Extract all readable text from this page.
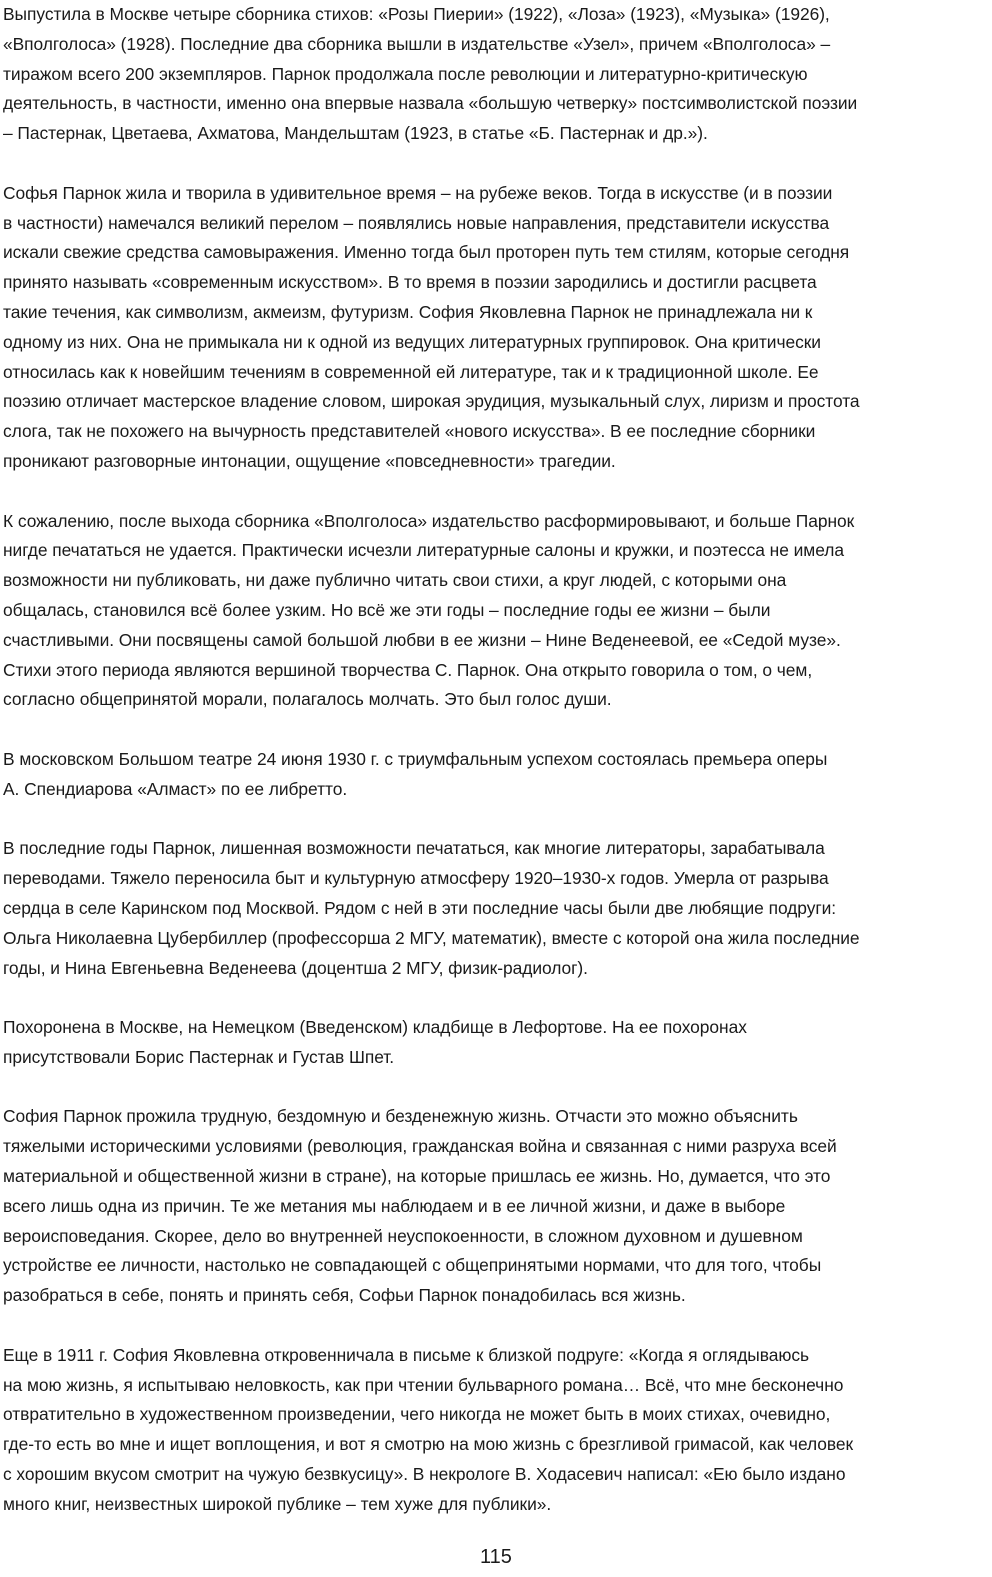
Выпустила в Москве четыре сборника стихов: «Розы Пиерии» (1922), «Лоза» (1923), «Музыка» (1926),
«Вполголоса» (1928). Последние два сборника вышли в издательстве «Узел», причем «Вполголоса» –
тиражом всего 200 экземпляров. Парнок продолжала после революции и литературно-критическую
деятельность, в частности, именно она впервые назвала «большую четверку» постсимволистской поэзии
– Пастернак, Цветаева, Ахматова, Мандельштам (1923, в статье «Б. Пастернак и др.»).

Софья Парнок жила и творила в удивительное время – на рубеже веков. Тогда в искусстве (и в поэзии
в частности) намечался великий перелом – появлялись новые направления, представители искусства
искали свежие средства самовыражения. Именно тогда был проторен путь тем стилям, которые сегодня
принято называть «современным искусством». В то время в поэзии зародились и достигли расцвета
такие течения, как символизм, акмеизм, футуризм. София Яковлевна Парнок не принадлежала ни к
одному из них. Она не примыкала ни к одной из ведущих литературных группировок. Она критически
относилась как к новейшим течениям в современной ей литературе, так и к традиционной школе. Ее
поэзию отличает мастерское владение словом, широкая эрудиция, музыкальный слух, лиризм и простота
слога, так не похожего на вычурность представителей «нового искусства». В ее последние сборники
проникают разговорные интонации, ощущение «повседневности» трагедии.

К сожалению, после выхода сборника «Вполголоса» издательство расформировывают, и больше Парнок
нигде печататься не удается. Практически исчезли литературные салоны и кружки, и поэтесса не имела
возможности ни публиковать, ни даже публично читать свои стихи, а круг людей, с которыми она
общалась, становился всё более узким. Но всё же эти годы – последние годы ее жизни – были
счастливыми. Они посвящены самой большой любви в ее жизни – Нине Веденеевой, ее «Седой музе».
Стихи этого периода являются вершиной творчества С. Парнок. Она открыто говорила о том, о чем,
согласно общепринятой морали, полагалось молчать. Это был голос души.

В московском Большом театре 24 июня 1930 г. с триумфальным успехом состоялась премьера оперы
А. Спендиарова «Алмаст» по ее либретто.

В последние годы Парнок, лишенная возможности печататься, как многие литераторы, зарабатывала
переводами. Тяжело переносила быт и культурную атмосферу 1920–1930-х годов. Умерла от разрыва
сердца в селе Каринском под Москвой. Рядом с ней в эти последние часы были две любящие подруги:
Ольга Николаевна Цубербиллер (профессорша 2 МГУ, математик), вместе с которой она жила последние
годы, и Нина Евгеньевна Веденеева (доцентша 2 МГУ, физик-радиолог).

Похоронена в Москве, на Немецком (Введенском) кладбище в Лефортове. На ее похоронах
присутствовали Борис Пастернак и Густав Шпет.

София Парнок прожила трудную, бездомную и безденежную жизнь. Отчасти это можно объяснить
тяжелыми историческими условиями (революция, гражданская война и связанная с ними разруха всей
материальной и общественной жизни в стране), на которые пришлась ее жизнь. Но, думается, что это
всего лишь одна из причин. Те же метания мы наблюдаем и в ее личной жизни, и даже в выборе
вероисповедания. Скорее, дело во внутренней неуспокоенности, в сложном духовном и душевном
устройстве ее личности, настолько не совпадающей с общепринятыми нормами, что для того, чтобы
разобраться в себе, понять и принять себя, Софьи Парнок понадобилась вся жизнь.

Еще в 1911 г. София Яковлевна откровенничала в письме к близкой подруге: «Когда я оглядываюсь
на мою жизнь, я испытываю неловкость, как при чтении бульварного романа… Всё, что мне бесконечно
отвратительно в художественном произведении, чего никогда не может быть в моих стихах, очевидно,
где-то есть во мне и ищет воплощения, и вот я смотрю на мою жизнь с брезгливой гримасой, как человек
с хорошим вкусом смотрит на чужую безвкусицу». В некрологе В. Ходасевич написал: «Ею было издано
много книг, неизвестных широкой публике – тем хуже для публики».

115
